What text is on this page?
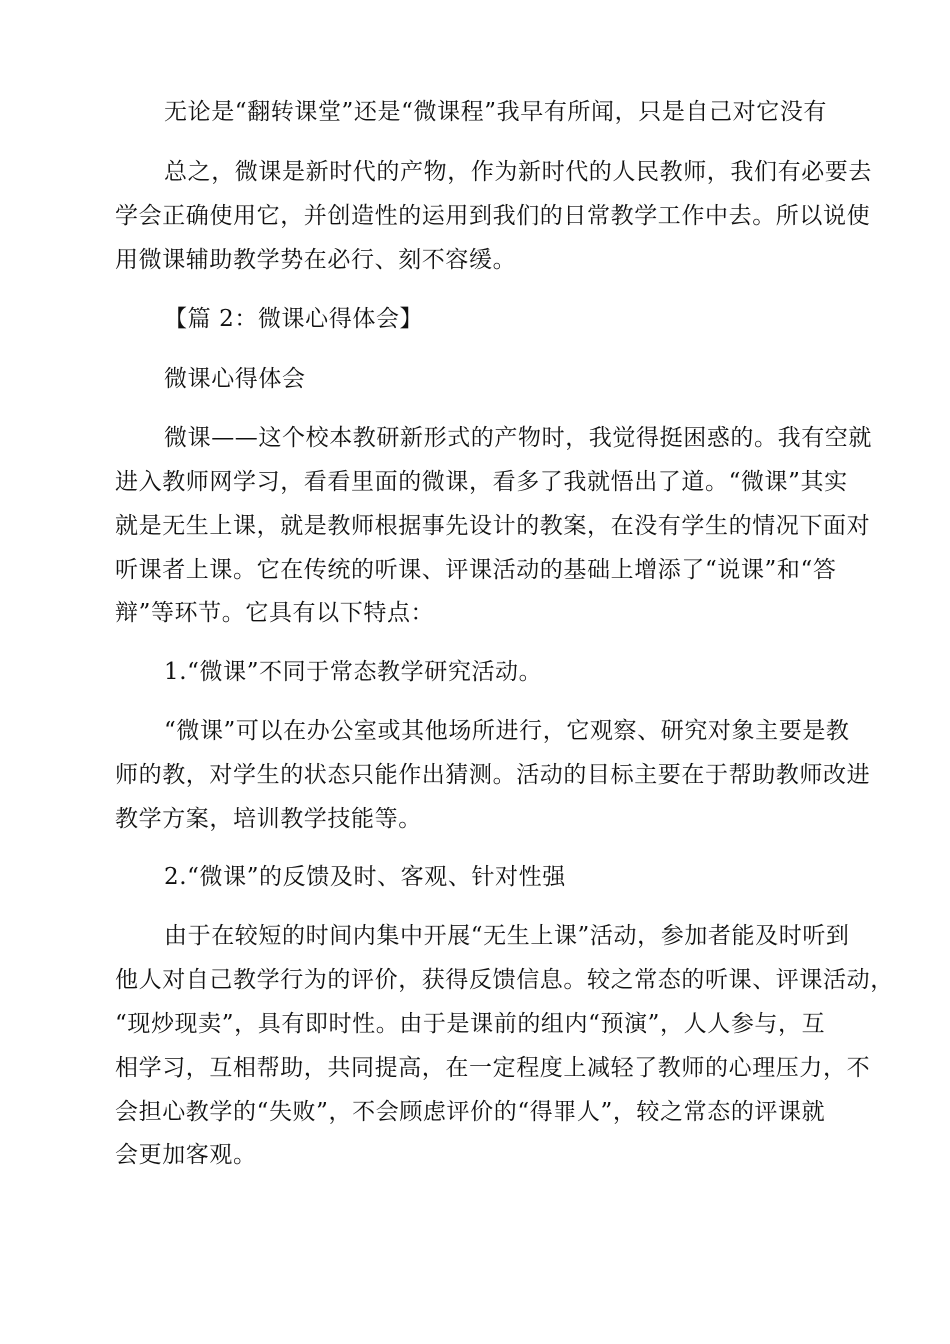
无论是“翻转课堂”还是“微课程”我早有所闻，只是自己对它没有
总之，微课是新时代的产物，作为新时代的人民教师，我们有必要去
学会正确使用它，并创造性的运用到我们的日常教学工作中去。所以说使
用微课辅助教学势在必行、刻不容缓。
【篇 2：微课心得体会】
微课心得体会
微课——这个校本教研新形式的产物时，我觉得挺困惑的。我有空就
进入教师网学习，看看里面的微课，看多了我就悟出了道。“微课”其实
就是无生上课，就是教师根据事先设计的教案，在没有学生的情况下面对
听课者上课。它在传统的听课、评课活动的基础上增添了“说课”和“答
辩”等环节。它具有以下特点：
1.“微课”不同于常态教学研究活动。
“微课”可以在办公室或其他场所进行，它观察、研究对象主要是教
师的教，对学生的状态只能作出猜测。活动的目标主要在于帮助教师改进
教学方案，培训教学技能等。
2.“微课”的反馈及时、客观、针对性强
由于在较短的时间内集中开展“无生上课”活动，参加者能及时听到
他人对自己教学行为的评价，获得反馈信息。较之常态的听课、评课活动，
“现炒现卖”，具有即时性。由于是课前的组内“预演”，人人参与，互
相学习，互相帮助，共同提高，在一定程度上减轻了教师的心理压力，不
会担心教学的“失败”，不会顾虑评价的“得罪人”，较之常态的评课就
会更加客观。
